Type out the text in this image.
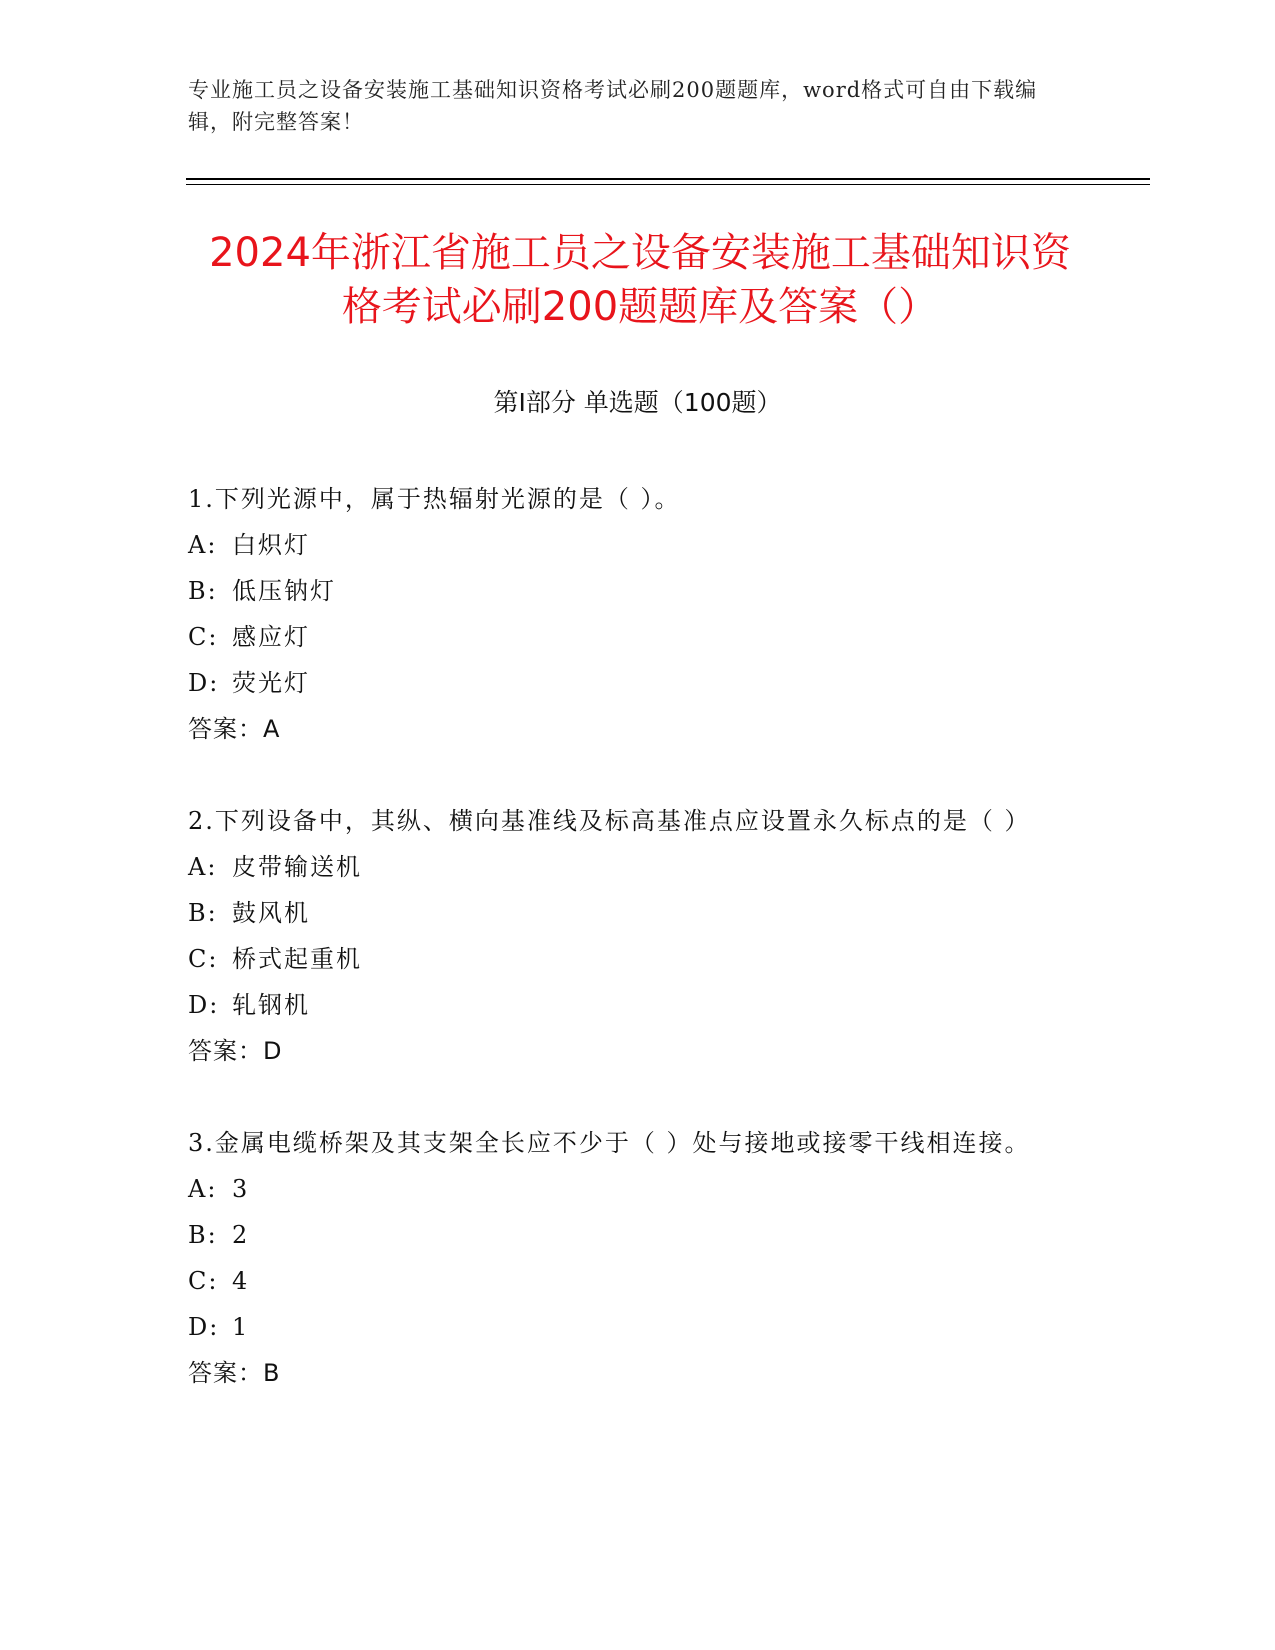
专业施工员之设备安装施工基础知识资格考试必刷200题题库，word格式可自由下载编辑，附完整答案！
2024年浙江省施工员之设备安装施工基础知识资格考试必刷200题题库及答案（）
第Ⅰ部分 单选题（100题）
1.下列光源中，属于热辐射光源的是（ ）。
A: 白炽灯
B: 低压钠灯
C: 感应灯
D: 荧光灯
答案：A
2.下列设备中，其纵、横向基准线及标高基准点应设置永久标点的是（ ）
A: 皮带输送机
B: 鼓风机
C: 桥式起重机
D: 轧钢机
答案：D
3.金属电缆桥架及其支架全长应不少于（ ）处与接地或接零干线相连接。
A: 3
B: 2
C: 4
D: 1
答案：B
